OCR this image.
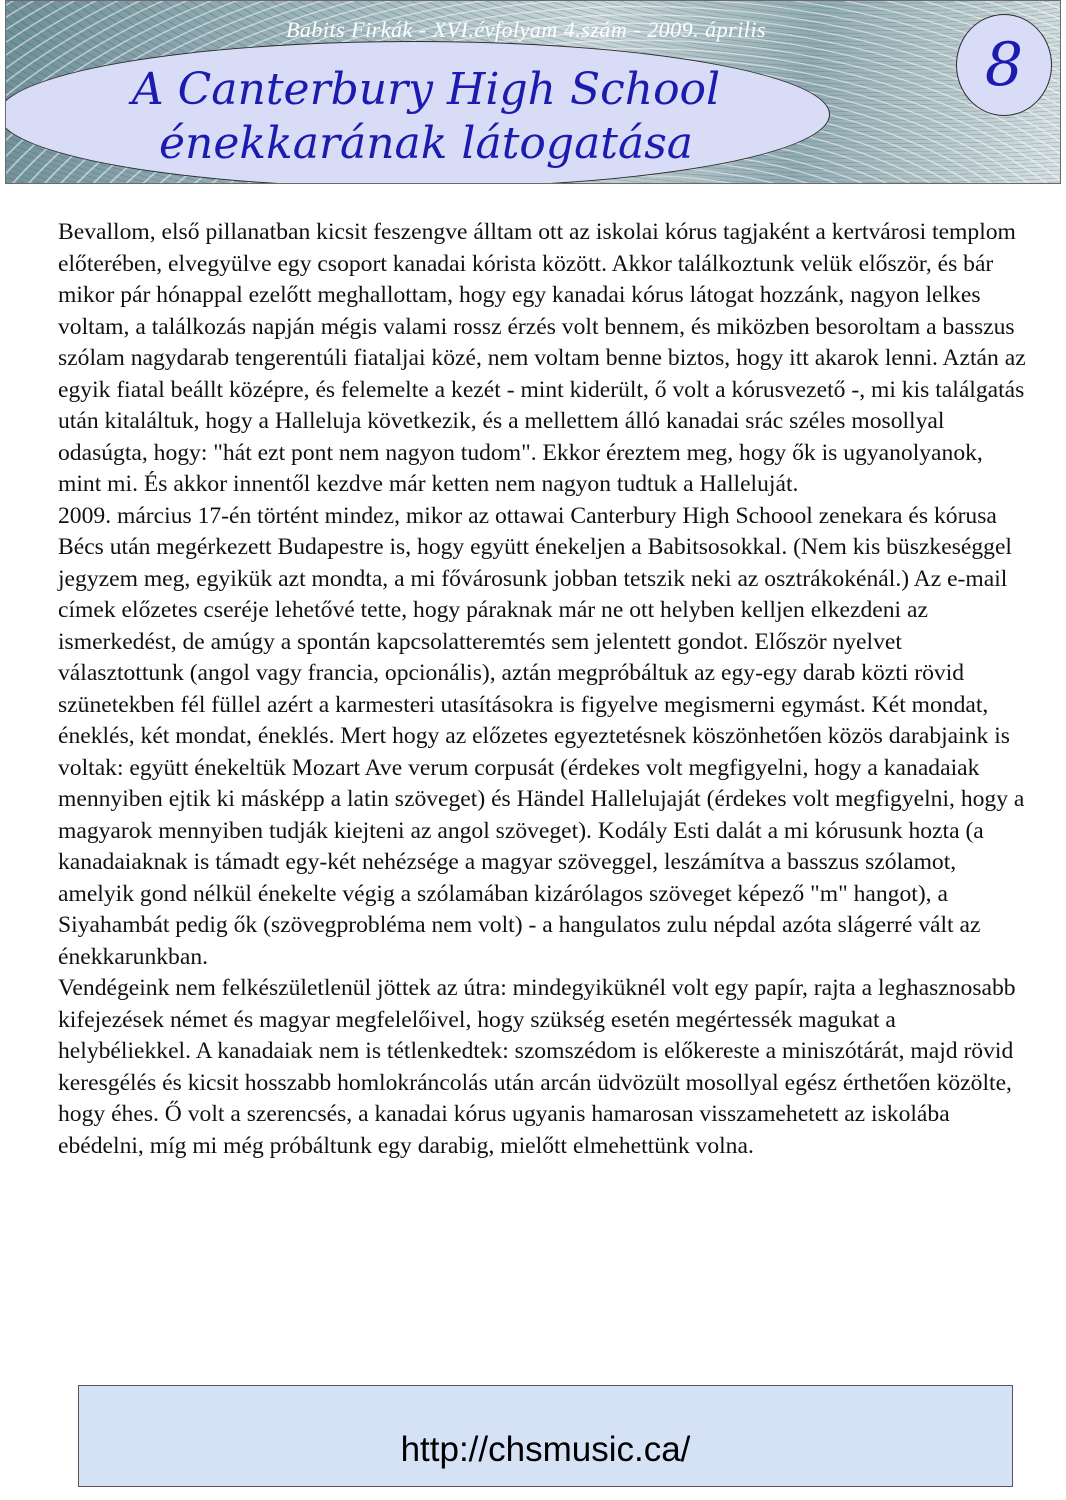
Babits Firkák - XVI.évfolyam 4.szám - 2009. április
A Canterbury High School
énekkarának látogatása
8

Bevallom, első pillanatban kicsit feszengve álltam ott az iskolai kórus tagjaként a kertvárosi templom előterében, elvegyülve egy csoport kanadai kórista között. Akkor találkoztunk velük először, és bár mikor pár hónappal ezelőtt meghallottam, hogy egy kanadai kórus látogat hozzánk, nagyon lelkes voltam, a találkozás napján mégis valami rossz érzés volt bennem, és miközben besoroltam a basszus szólam nagydarab tengerentúli fiataljai közé, nem voltam benne biztos, hogy itt akarok lenni. Aztán az egyik fiatal beállt középre, és felemelte a kezét - mint kiderült, ő volt a kórusvezető -, mi kis találgatás után kitaláltuk, hogy a Halleluja következik, és a mellettem álló kanadai srác széles mosollyal odasúgta, hogy: "hát ezt pont nem nagyon tudom". Ekkor éreztem meg, hogy ők is ugyanolyanok, mint mi. És akkor innentől kezdve már ketten nem nagyon tudtuk a Halleluját.

2009. március 17-én történt mindez, mikor az ottawai Canterbury High Schoool zenekara és kórusa Bécs után megérkezett Budapestre is, hogy együtt énekeljen a Babitsosokkal. (Nem kis büszkeséggel jegyzem meg, egyikük azt mondta, a mi fővárosunk jobban tetszik neki az osztrákokénál.) Az e-mail címek előzetes cseréje lehetővé tette, hogy páraknak már ne ott helyben kelljen elkezdeni az ismerkedést, de amúgy a spontán kapcsolatteremtés sem jelentett gondot. Először nyelvet választottunk (angol vagy francia, opcionális), aztán megpróbáltuk az egy-egy darab közti rövid szünetekben fél füllel azért a karmesteri utasításokra is figyelve megismerni egymást. Két mondat, éneklés, két mondat, éneklés. Mert hogy az előzetes egyeztetésnek köszönhetően közös darabjaink is voltak: együtt énekeltük Mozart Ave verum corpusát (érdekes volt megfigyelni, hogy a kanadaiak mennyiben ejtik ki másképp a latin szöveget) és Händel Hallelujaját (érdekes volt megfigyelni, hogy a magyarok mennyiben tudják kiejteni az angol szöveget). Kodály Esti dalát a mi kórusunk hozta (a kanadaiaknak is támadt egy-két nehézsége a magyar szöveggel, leszámítva a basszus szólamot, amelyik gond nélkül énekelte végig a szólamában kizárólagos szöveget képező "m" hangot), a Siyahambát pedig ők (szövegprobléma nem volt) - a hangulatos zulu népdal azóta slágerré vált az énekkarunkban.

Vendégeink nem felkészületlenül jöttek az útra: mindegyiküknél volt egy papír, rajta a leghasznosabb kifejezések német és magyar megfelelőivel, hogy szükség esetén megértessék magukat a helybéliekkel. A kanadaiak nem is tétlenkedtek: szomszédom is előkereste a miniszótárát, majd rövid keresgélés és kicsit hosszabb homlokráncolás után arcán üdvözült mosollyal egész érthetően közölte, hogy éhes. Ő volt a szerencsés, a kanadai kórus ugyanis hamarosan visszamehetett az iskolába ebédelni, míg mi még próbáltunk egy darabig, mielőtt elmehettünk volna.

http://chsmusic.ca/
